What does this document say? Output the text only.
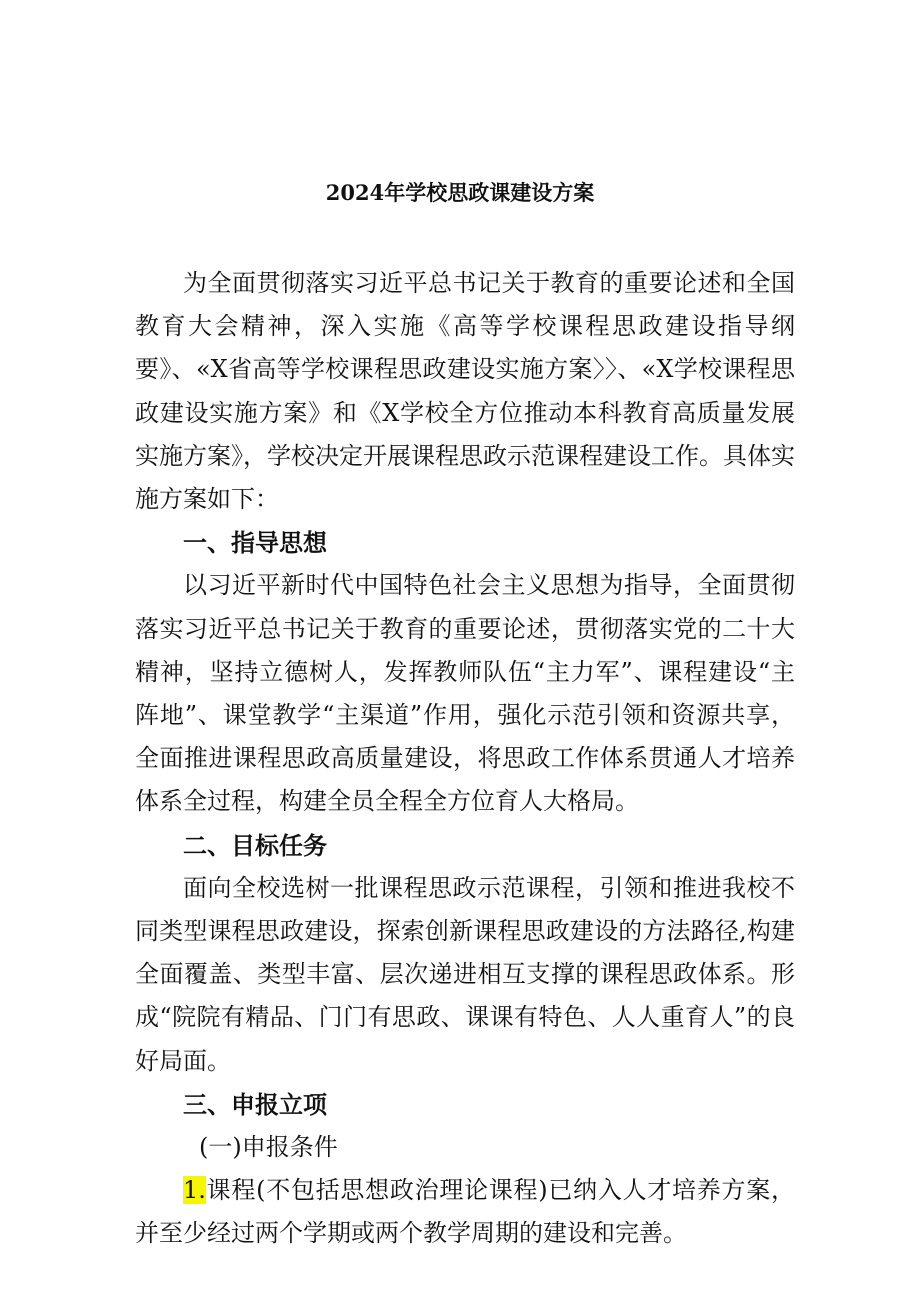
2024年学校思政课建设方案

为全面贯彻落实习近平总书记关于教育的重要论述和全国教育大会精神，深入实施《高等学校课程思政建设指导纲要》、«X省高等学校课程思政建设实施方案〉〉、«X学校课程思政建设实施方案》和《X学校全方位推动本科教育高质量发展实施方案》，学校决定开展课程思政示范课程建设工作。具体实施方案如下：

一、指导思想

以习近平新时代中国特色社会主义思想为指导，全面贯彻落实习近平总书记关于教育的重要论述，贯彻落实党的二十大精神，坚持立德树人，发挥教师队伍“主力军”、课程建设“主阵地”、课堂教学“主渠道”作用，强化示范引领和资源共享，全面推进课程思政高质量建设，将思政工作体系贯通人才培养体系全过程，构建全员全程全方位育人大格局。

二、目标任务

面向全校选树一批课程思政示范课程，引领和推进我校不同类型课程思政建设，探索创新课程思政建设的方法路径,构建全面覆盖、类型丰富、层次递进相互支撑的课程思政体系。形成“院院有精品、门门有思政、课课有特色、人人重育人”的良好局面。

三、申报立项

(一)申报条件

1.课程(不包括思想政治理论课程)已纳入人才培养方案，并至少经过两个学期或两个教学周期的建设和完善。
